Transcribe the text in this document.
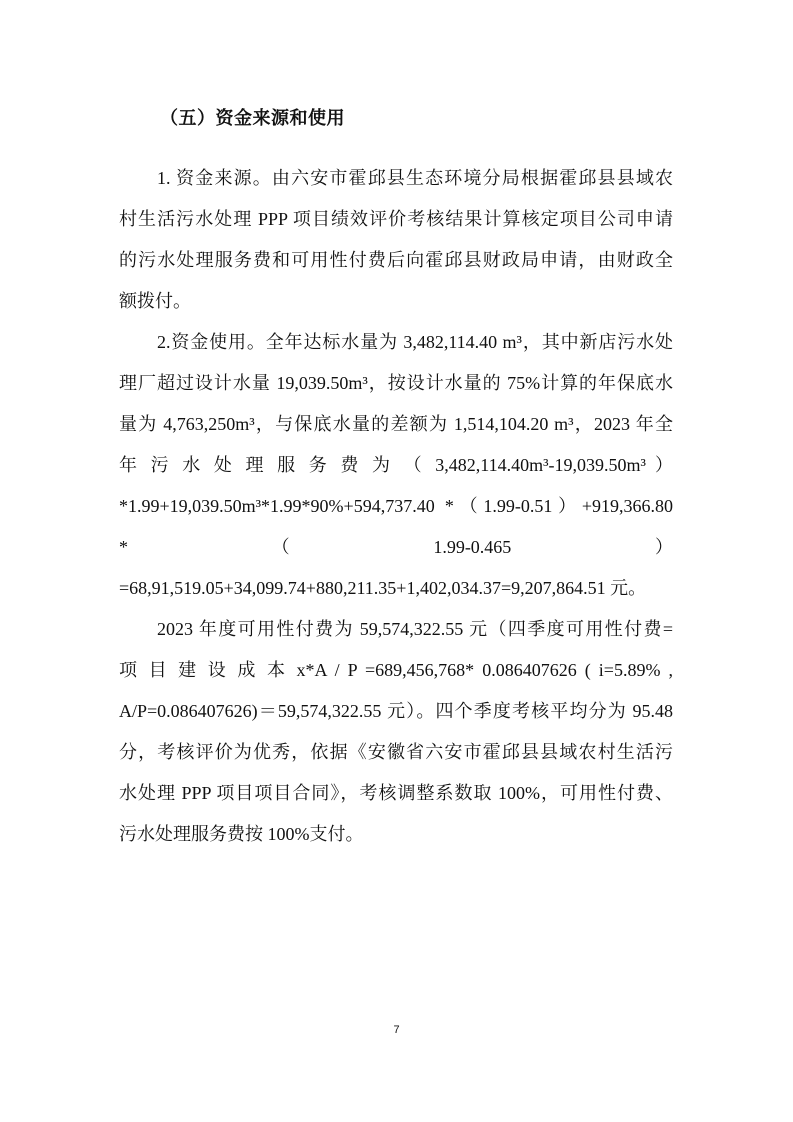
（五）资金来源和使用
1. 资金来源。由六安市霍邱县生态环境分局根据霍邱县县域农
村生活污水处理 PPP 项目绩效评价考核结果计算核定项目公司申请
的污水处理服务费和可用性付费后向霍邱县财政局申请，由财政全
额拨付。
2.资金使用。全年达标水量为 3,482,114.40 m³，其中新店污水处
理厂超过设计水量 19,039.50m³，按设计水量的 75%计算的年保底水
量为 4,763,250m³，与保底水量的差额为 1,514,104.20 m³，2023 年全
年 污 水 处 理 服 务 费 为 （ 3,482,114.40m³-19,039.50m³ ）
*1.99+19,039.50m³*1.99*90%+594,737.40 *（1.99-0.51）+919,366.80
*	（	1.99-0.465	）
=68,91,519.05+34,099.74+880,211.35+1,402,034.37=9,207,864.51 元。
2023 年度可用性付费为 59,574,322.55 元（四季度可用性付费=
项 目 建 设 成 本 x*A / P =689,456,768* 0.086407626 ( i=5.89% ,
A/P=0.086407626)＝59,574,322.55 元）。四个季度考核平均分为 95.48
分，考核评价为优秀，依据《安徽省六安市霍邱县县域农村生活污
水处理 PPP 项目项目合同》，考核调整系数取 100%，可用性付费、
污水处理服务费按 100%支付。
7
